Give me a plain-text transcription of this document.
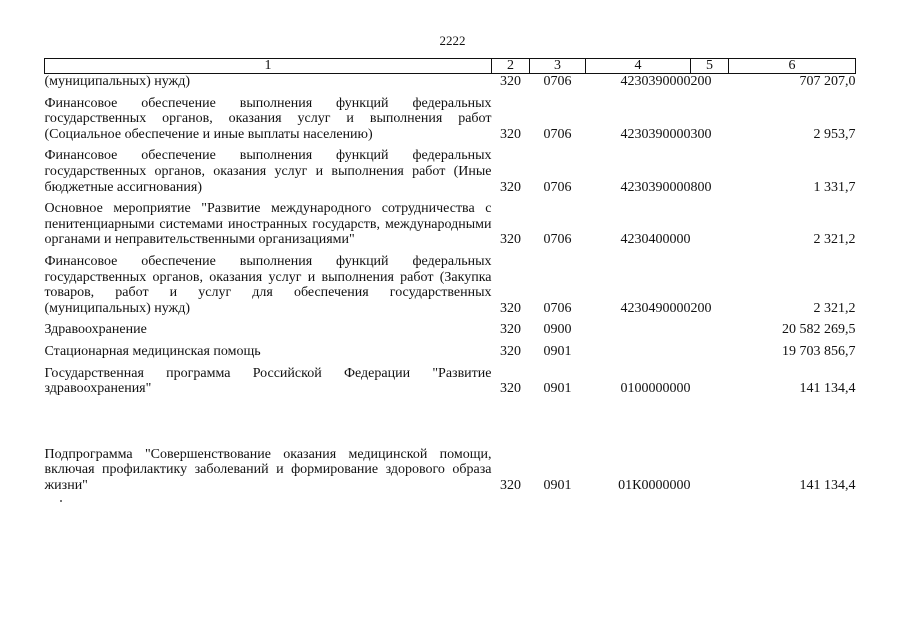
2222
1	2	3	4	5	6
(муниципальных) нужд)	320	0706	4230390000	200	707 207,0

Финансовое обеспечение выполнения функций федеральных государственных органов, оказания услуг и выполнения работ (Социальное обеспечение и иные выплаты населению)	320	0706	4230390000	300	2 953,7

Финансовое обеспечение выполнения функций федеральных государственных органов, оказания услуг и выполнения работ (Иные бюджетные ассигнования)	320	0706	4230390000	800	1 331,7

Основное мероприятие "Развитие международного сотрудничества с пенитенциарными системами иностранных государств, международными органами и неправительственными организациями"	320	0706	4230400000		2 321,2

Финансовое обеспечение выполнения функций федеральных государственных органов, оказания услуг и выполнения работ (Закупка товаров, работ и услуг для обеспечения государственных (муниципальных) нужд)	320	0706	4230490000	200	2 321,2

Здравоохранение	320	0900			20 582 269,5

Стационарная медицинская помощь	320	0901			19 703 856,7

Государственная программа Российской Федерации "Развитие здравоохранения"	320	0901	0100000000		141 134,4

Подпрограмма "Совершенствование оказания медицинской помощи, включая профилактику заболеваний и формирование здорового образа жизни"	320	0901	01К0000000		141 134,4
